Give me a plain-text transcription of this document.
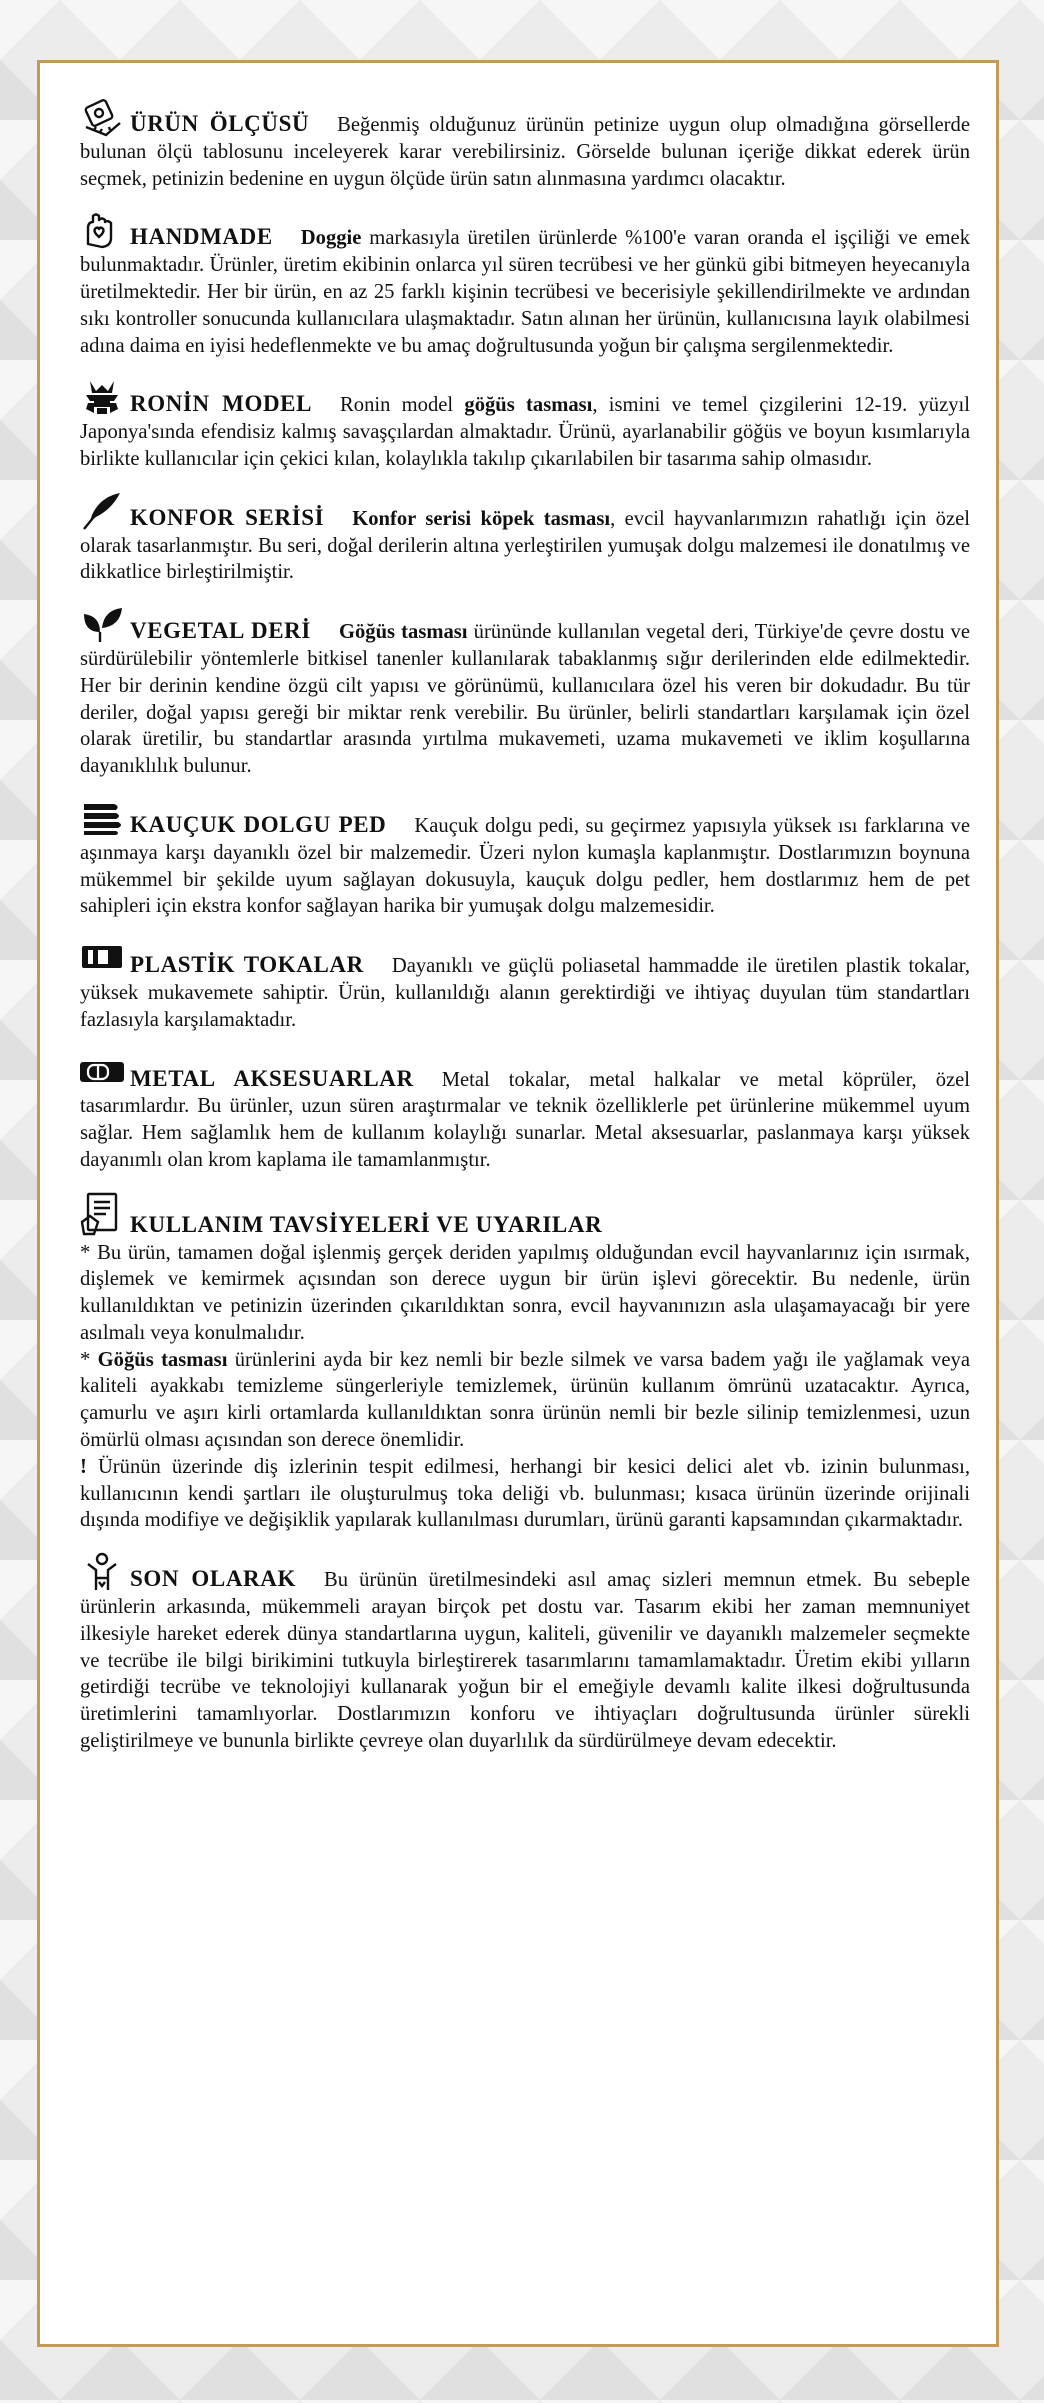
ÜRÜN ÖLÇÜSÜ Beğenmiş olduğunuz ürünün petinize uygun olup olmadığına görsellerde bulunan ölçü tablosunu inceleyerek karar verebilirsiniz. Görselde bulunan içeriğe dikkat ederek ürün seçmek, petinizin bedenine en uygun ölçüde ürün satın alınmasına yardımcı olacaktır.

HANDMADE Doggie markasıyla üretilen ürünlerde %100'e varan oranda el işçiliği ve emek bulunmaktadır. Ürünler, üretim ekibinin onlarca yıl süren tecrübesi ve her günkü gibi bitmeyen heyecanıyla üretilmektedir. Her bir ürün, en az 25 farklı kişinin tecrübesi ve becerisiyle şekillendirilmekte ve ardından sıkı kontroller sonucunda kullanıcılara ulaşmaktadır. Satın alınan her ürünün, kullanıcısına layık olabilmesi adına daima en iyisi hedeflenmekte ve bu amaç doğrultusunda yoğun bir çalışma sergilenmektedir.

RONİN MODEL Ronin model göğüs tasması, ismini ve temel çizgilerini 12-19. yüzyıl Japonya'sında efendisiz kalmış savaşçılardan almaktadır. Ürünü, ayarlanabilir göğüs ve boyun kısımlarıyla birlikte kullanıcılar için çekici kılan, kolaylıkla takılıp çıkarılabilen bir tasarıma sahip olmasıdır.

KONFOR SERİSİ Konfor serisi köpek tasması, evcil hayvanlarımızın rahatlığı için özel olarak tasarlanmıştır. Bu seri, doğal derilerin altına yerleştirilen yumuşak dolgu malzemesi ile donatılmış ve dikkatlice birleştirilmiştir.

VEGETAL DERİ Göğüs tasması ürününde kullanılan vegetal deri, Türkiye'de çevre dostu ve sürdürülebilir yöntemlerle bitkisel tanenler kullanılarak tabaklanmış sığır derilerinden elde edilmektedir. Her bir derinin kendine özgü cilt yapısı ve görünümü, kullanıcılara özel his veren bir dokudadır. Bu tür deriler, doğal yapısı gereği bir miktar renk verebilir. Bu ürünler, belirli standartları karşılamak için özel olarak üretilir, bu standartlar arasında yırtılma mukavemeti, uzama mukavemeti ve iklim koşullarına dayanıklılık bulunur.

KAUÇUK DOLGU PED Kauçuk dolgu pedi, su geçirmez yapısıyla yüksek ısı farklarına ve aşınmaya karşı dayanıklı özel bir malzemedir. Üzeri nylon kumaşla kaplanmıştır. Dostlarımızın boynuna mükemmel bir şekilde uyum sağlayan dokusuyla, kauçuk dolgu pedler, hem dostlarımız hem de pet sahipleri için ekstra konfor sağlayan harika bir yumuşak dolgu malzemesidir.

PLASTİK TOKALAR Dayanıklı ve güçlü poliasetal hammadde ile üretilen plastik tokalar, yüksek mukavemete sahiptir. Ürün, kullanıldığı alanın gerektirdiği ve ihtiyaç duyulan tüm standartları fazlasıyla karşılamaktadır.

METAL AKSESUARLAR Metal tokalar, metal halkalar ve metal köprüler, özel tasarımlardır. Bu ürünler, uzun süren araştırmalar ve teknik özelliklerle pet ürünlerine mükemmel uyum sağlar. Hem sağlamlık hem de kullanım kolaylığı sunarlar. Metal aksesuarlar, paslanmaya karşı yüksek dayanımlı olan krom kaplama ile tamamlanmıştır.

KULLANIM TAVSİYELERİ VE UYARILAR

* Bu ürün, tamamen doğal işlenmiş gerçek deriden yapılmış olduğundan evcil hayvanlarınız için ısırmak, dişlemek ve kemirmek açısından son derece uygun bir ürün işlevi görecektir. Bu nedenle, ürün kullanıldıktan ve petinizin üzerinden çıkarıldıktan sonra, evcil hayvanınızın asla ulaşamayacağı bir yere asılmalı veya konulmalıdır.

* Göğüs tasması ürünlerini ayda bir kez nemli bir bezle silmek ve varsa badem yağı ile yağlamak veya kaliteli ayakkabı temizleme süngerleriyle temizlemek, ürünün kullanım ömrünü uzatacaktır. Ayrıca, çamurlu ve aşırı kirli ortamlarda kullanıldıktan sonra ürünün nemli bir bezle silinip temizlenmesi, uzun ömürlü olması açısından son derece önemlidir.

! Ürünün üzerinde diş izlerinin tespit edilmesi, herhangi bir kesici delici alet vb. izinin bulunması, kullanıcının kendi şartları ile oluşturulmuş toka deliği vb. bulunması; kısaca ürünün üzerinde orijinali dışında modifiye ve değişiklik yapılarak kullanılması durumları, ürünü garanti kapsamından çıkarmaktadır.

SON OLARAK Bu ürünün üretilmesindeki asıl amaç sizleri memnun etmek. Bu sebeple ürünlerin arkasında, mükemmeli arayan birçok pet dostu var. Tasarım ekibi her zaman memnuniyet ilkesiyle hareket ederek dünya standartlarına uygun, kaliteli, güvenilir ve dayanıklı malzemeler seçmekte ve tecrübe ile bilgi birikimini tutkuyla birleştirerek tasarımlarını tamamlamaktadır. Üretim ekibi yılların getirdiği tecrübe ve teknolojiyi kullanarak yoğun bir el emeğiyle devamlı kalite ilkesi doğrultusunda üretimlerini tamamlıyorlar. Dostlarımızın konforu ve ihtiyaçları doğrultusunda ürünler sürekli geliştirilmeye ve bununla birlikte çevreye olan duyarlılık da sürdürülmeye devam edecektir.
